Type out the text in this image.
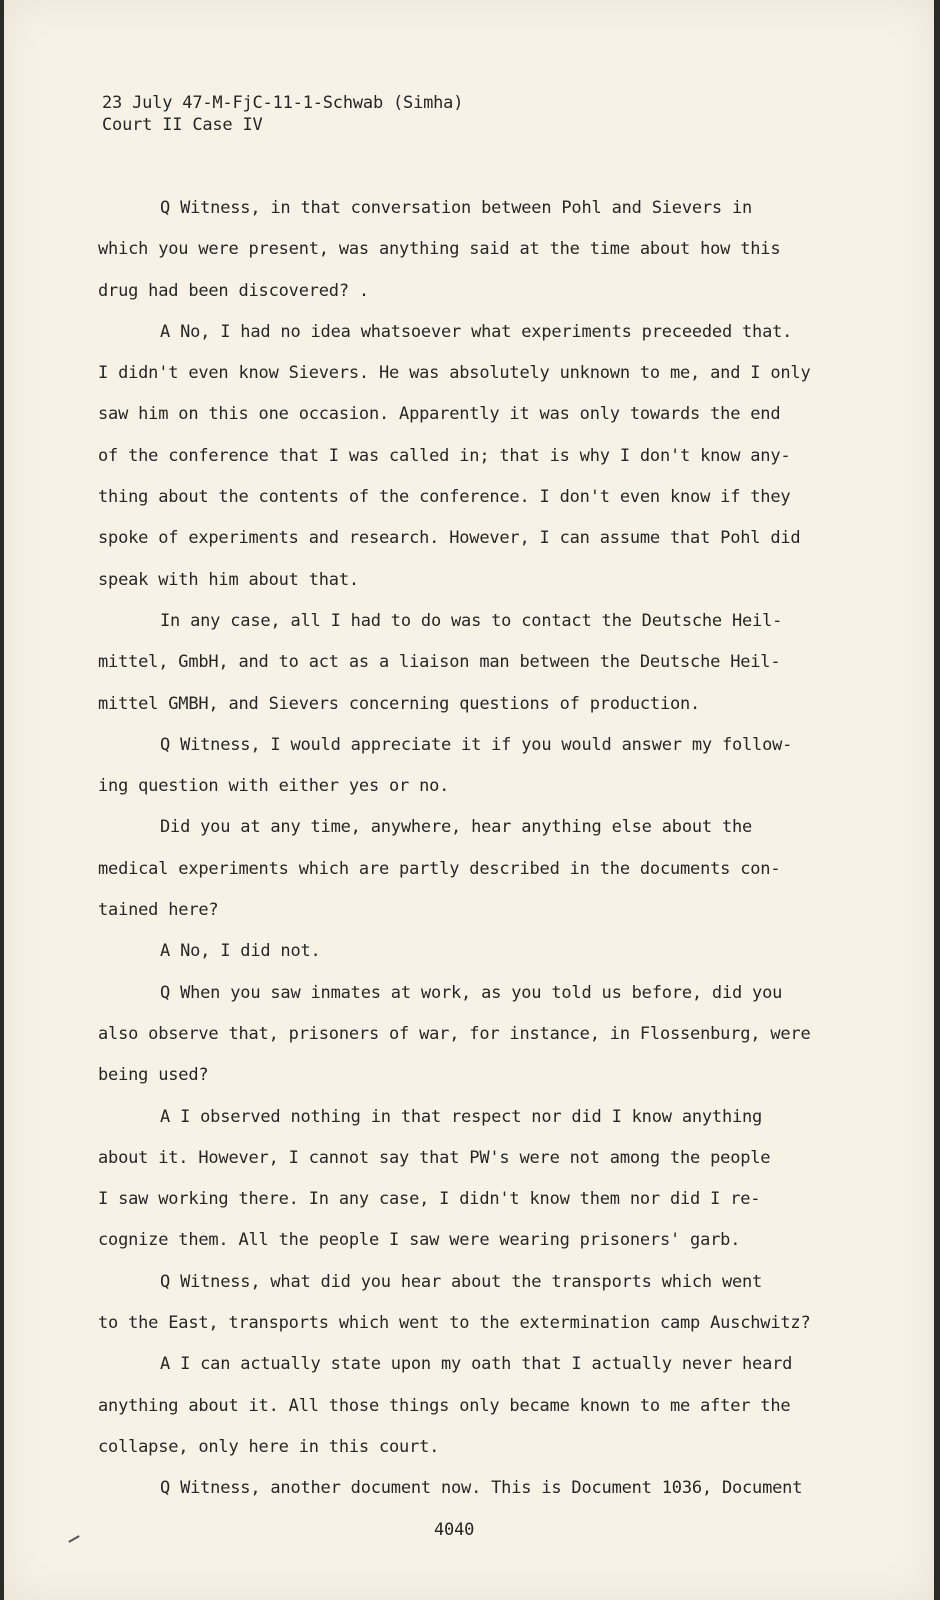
23 July 47-M-FjC-11-1-Schwab (Simha)
Court II Case IV
Q Witness, in that conversation between Pohl and Sievers in
which you were present, was anything said at the time about how this
drug had been discovered? .
A No, I had no idea whatsoever what experiments preceeded that.
I didn't even know Sievers. He was absolutely unknown to me, and I only
saw him on this one occasion. Apparently it was only towards the end
of the conference that I was called in; that is why I don't know any-
thing about the contents of the conference. I don't even know if they
spoke of experiments and research. However, I can assume that Pohl did
speak with him about that.
In any case, all I had to do was to contact the Deutsche Heil-
mittel, GmbH, and to act as a liaison man between the Deutsche Heil-
mittel GMBH, and Sievers concerning questions of production.
Q Witness, I would appreciate it if you would answer my follow-
ing question with either yes or no.
Did you at any time, anywhere, hear anything else about the
medical experiments which are partly described in the documents con-
tained here?
A No, I did not.
Q When you saw inmates at work, as you told us before, did you
also observe that, prisoners of war, for instance, in Flossenburg, were
being used?
A I observed nothing in that respect nor did I know anything
about it. However, I cannot say that PW's were not among the people
I saw working there. In any case, I didn't know them nor did I re-
cognize them. All the people I saw were wearing prisoners' garb.
Q Witness, what did you hear about the transports which went
to the East, transports which went to the extermination camp Auschwitz?
A I can actually state upon my oath that I actually never heard
anything about it. All those things only became known to me after the
collapse, only here in this court.
Q Witness, another document now. This is Document 1036, Document
4040
